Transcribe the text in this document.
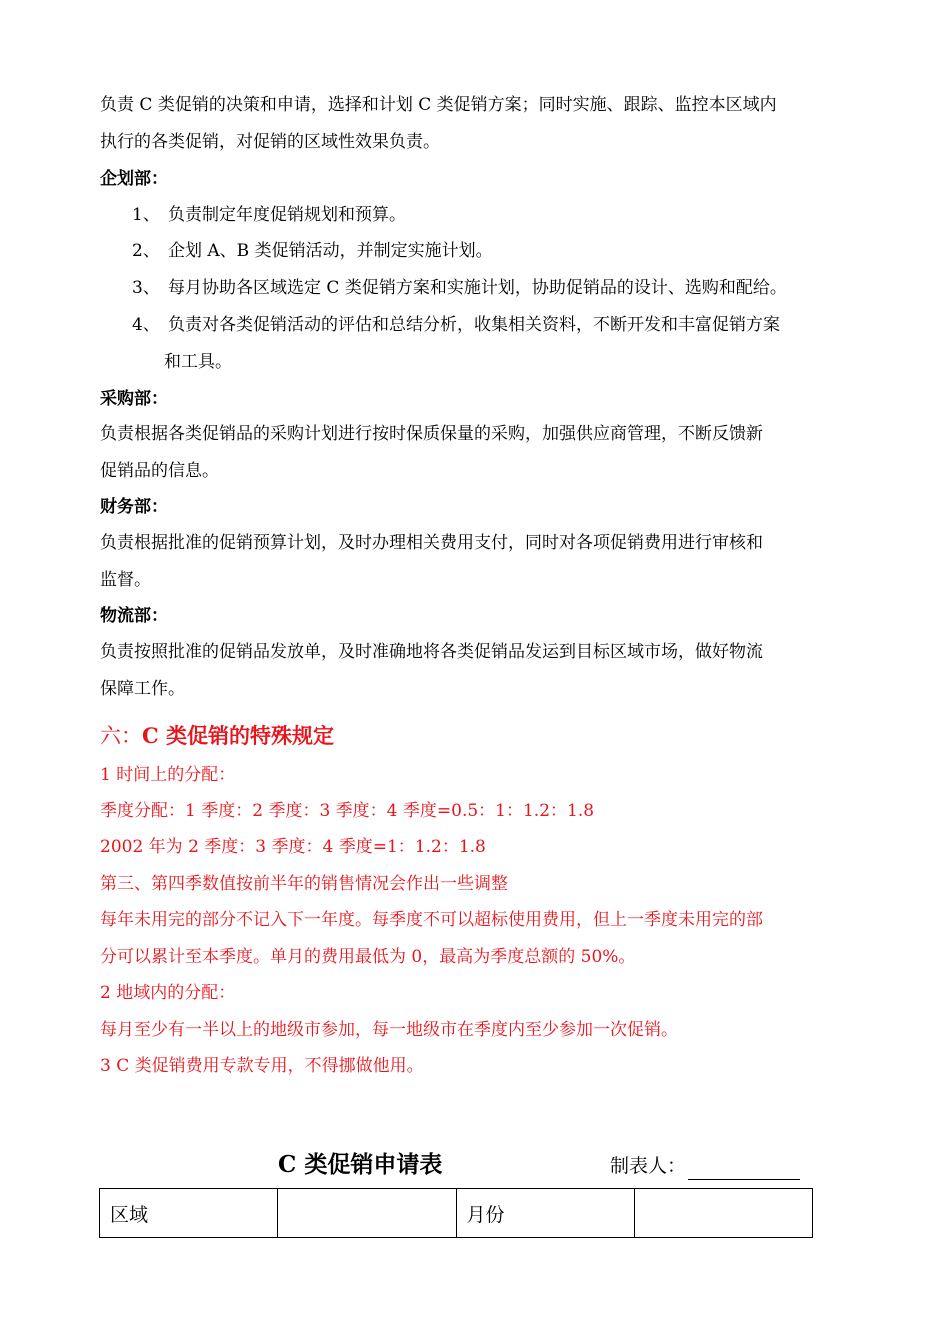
负责 C 类促销的决策和申请，选择和计划 C 类促销方案；同时实施、跟踪、监控本区域内
执行的各类促销，对促销的区域性效果负责。
企划部：
1、 负责制定年度促销规划和预算。
2、 企划 A、B 类促销活动，并制定实施计划。
3、 每月协助各区域选定 C 类促销方案和实施计划，协助促销品的设计、选购和配给。
4、 负责对各类促销活动的评估和总结分析，收集相关资料，不断开发和丰富促销方案
和工具。
采购部：
负责根据各类促销品的采购计划进行按时保质保量的采购，加强供应商管理，不断反馈新
促销品的信息。
财务部：
负责根据批准的促销预算计划，及时办理相关费用支付，同时对各项促销费用进行审核和
监督。
物流部：
负责按照批准的促销品发放单，及时准确地将各类促销品发运到目标区域市场，做好物流
保障工作。
六：C 类促销的特殊规定
1 时间上的分配：
季度分配：1 季度：2 季度：3 季度：4 季度=0.5：1：1.2：1.8
2002 年为 2 季度：3 季度：4 季度=1：1.2：1.8
第三、第四季数值按前半年的销售情况会作出一些调整
每年未用完的部分不记入下一年度。每季度不可以超标使用费用，但上一季度未用完的部
分可以累计至本季度。单月的费用最低为 0，最高为季度总额的 50%。
2 地域内的分配：
每月至少有一半以上的地级市参加，每一地级市在季度内至少参加一次促销。
3 C 类促销费用专款专用，不得挪做他用。
C 类促销申请表	制表人：
区域		月份	
